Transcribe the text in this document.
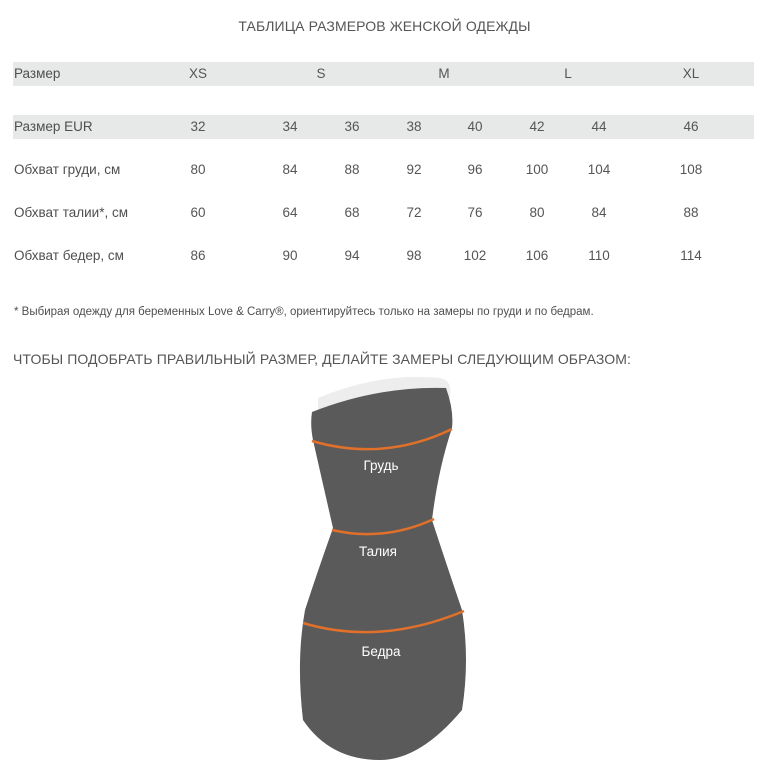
ТАБЛИЦА РАЗМЕРОВ ЖЕНСКОЙ ОДЕЖДЫ
Размер	XS	S	M	L	XL
Размер EUR	32	34	36	38	40	42	44	46
Обхват груди, см	80	84	88	92	96	100	104	108
Обхват талии*, см	60	64	68	72	76	80	84	88
Обхват бедер, см	86	90	94	98	102	106	110	114
* Выбирая одежду для беременных Love & Carry®, ориентируйтесь только на замеры по груди и по бедрам.
ЧТОБЫ ПОДОБРАТЬ ПРАВИЛЬНЫЙ РАЗМЕР, ДЕЛАЙТЕ ЗАМЕРЫ СЛЕДУЮЩИМ ОБРАЗОМ:
Грудь
Талия
Бедра
